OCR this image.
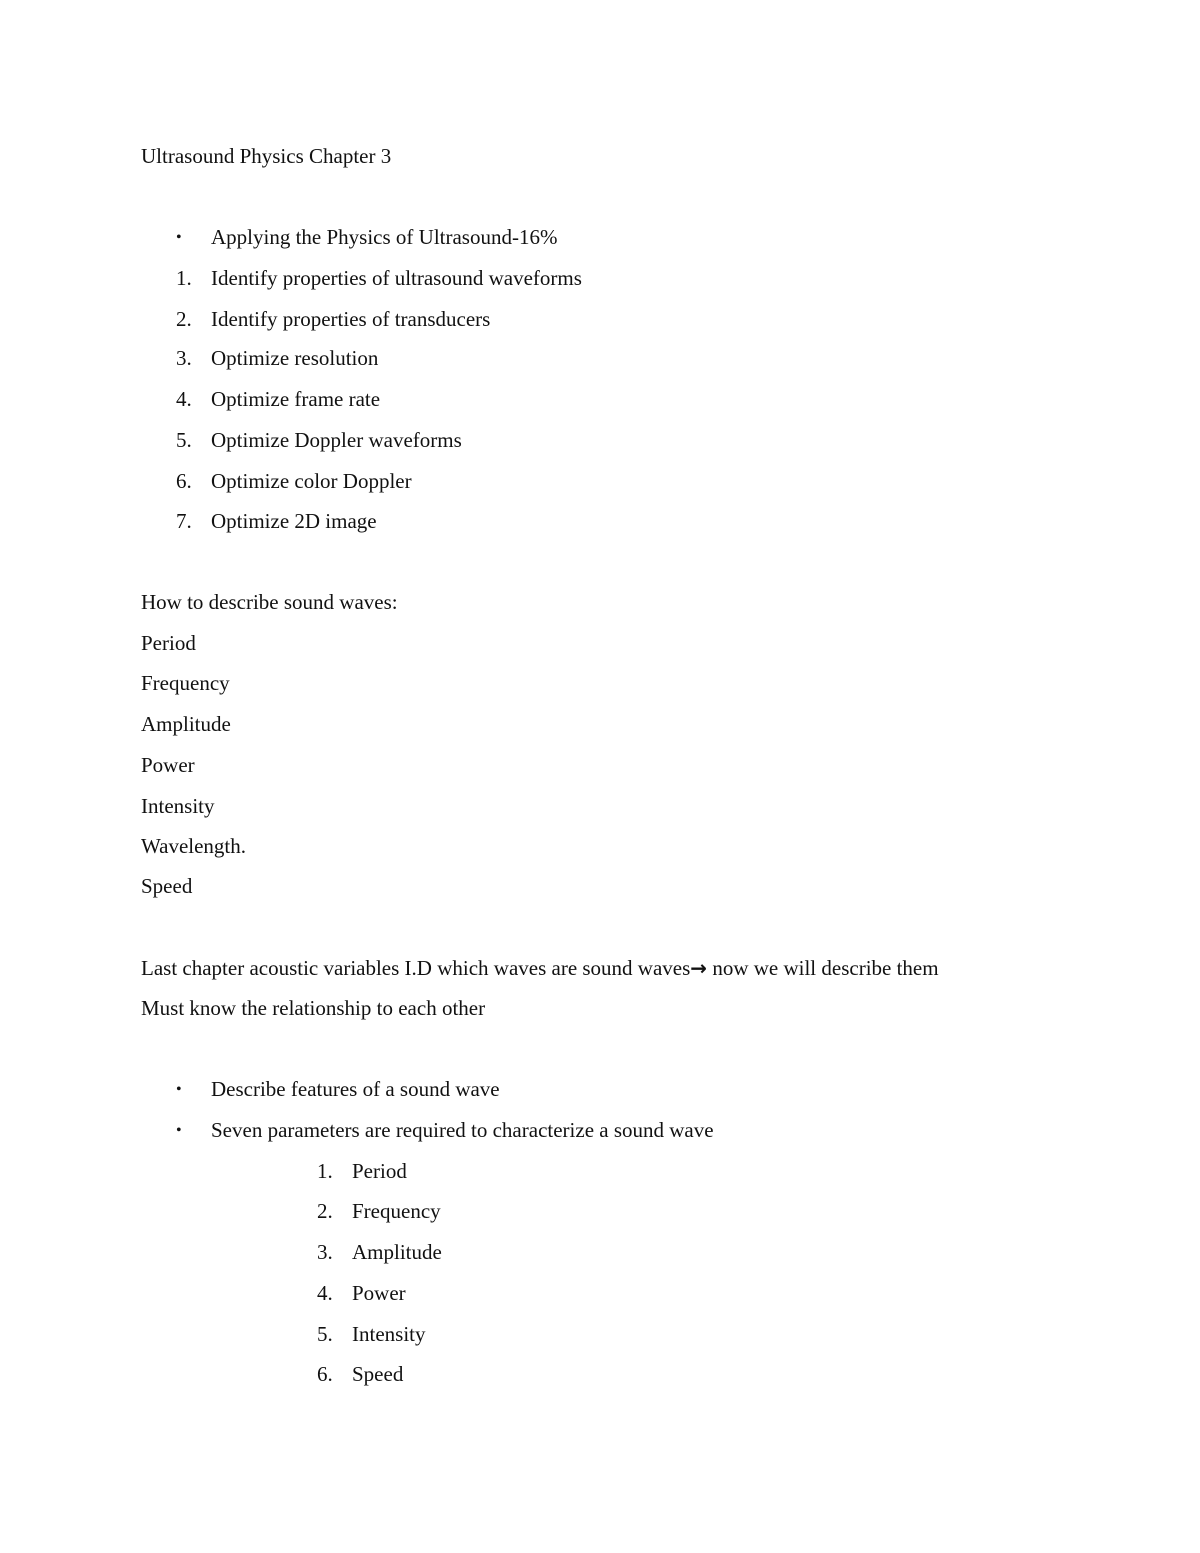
Ultrasound Physics Chapter 3
• Applying the Physics of Ultrasound-16%
1. Identify properties of ultrasound waveforms
2. Identify properties of transducers
3. Optimize resolution
4. Optimize frame rate
5. Optimize Doppler waveforms
6. Optimize color Doppler
7. Optimize 2D image
How to describe sound waves:
Period
Frequency
Amplitude
Power
Intensity
Wavelength.
Speed
Last chapter acoustic variables I.D which waves are sound waves→ now we will describe them
Must know the relationship to each other
• Describe features of a sound wave
• Seven parameters are required to characterize a sound wave
1. Period
2. Frequency
3. Amplitude
4. Power
5. Intensity
6. Speed
